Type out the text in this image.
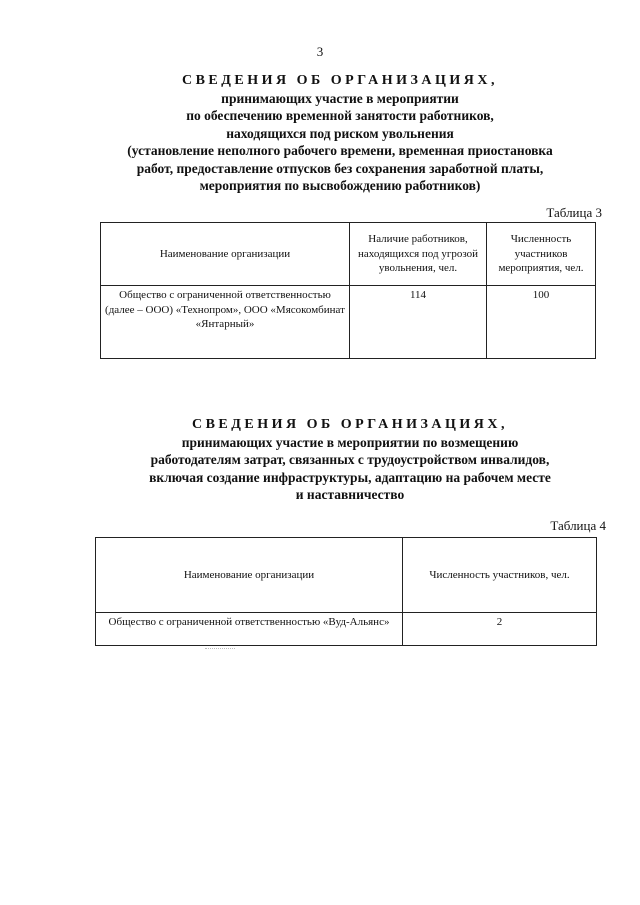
3
СВЕДЕНИЯ ОБ ОРГАНИЗАЦИЯХ,
принимающих участие в мероприятии
по обеспечению временной занятости работников,
находящихся под риском увольнения
(установление неполного рабочего времени, временная приостановка
работ, предоставление отпусков без сохранения заработной платы,
мероприятия по высвобождению работников)
Таблица 3
Наименование организации	Наличие работников, находящихся под угрозой увольнения, чел.	Численность участников мероприятия, чел.
Общество с ограниченной ответственностью (далее – ООО) «Технопром», ООО «Мясокомбинат «Янтарный»	114	100
СВЕДЕНИЯ ОБ ОРГАНИЗАЦИЯХ,
принимающих участие в мероприятии по возмещению
работодателям затрат, связанных с трудоустройством инвалидов,
включая создание инфраструктуры, адаптацию на рабочем месте
и наставничество
Таблица 4
Наименование организации	Численность участников, чел.
Общество с ограниченной ответственностью «Вуд-Альянс»	2
